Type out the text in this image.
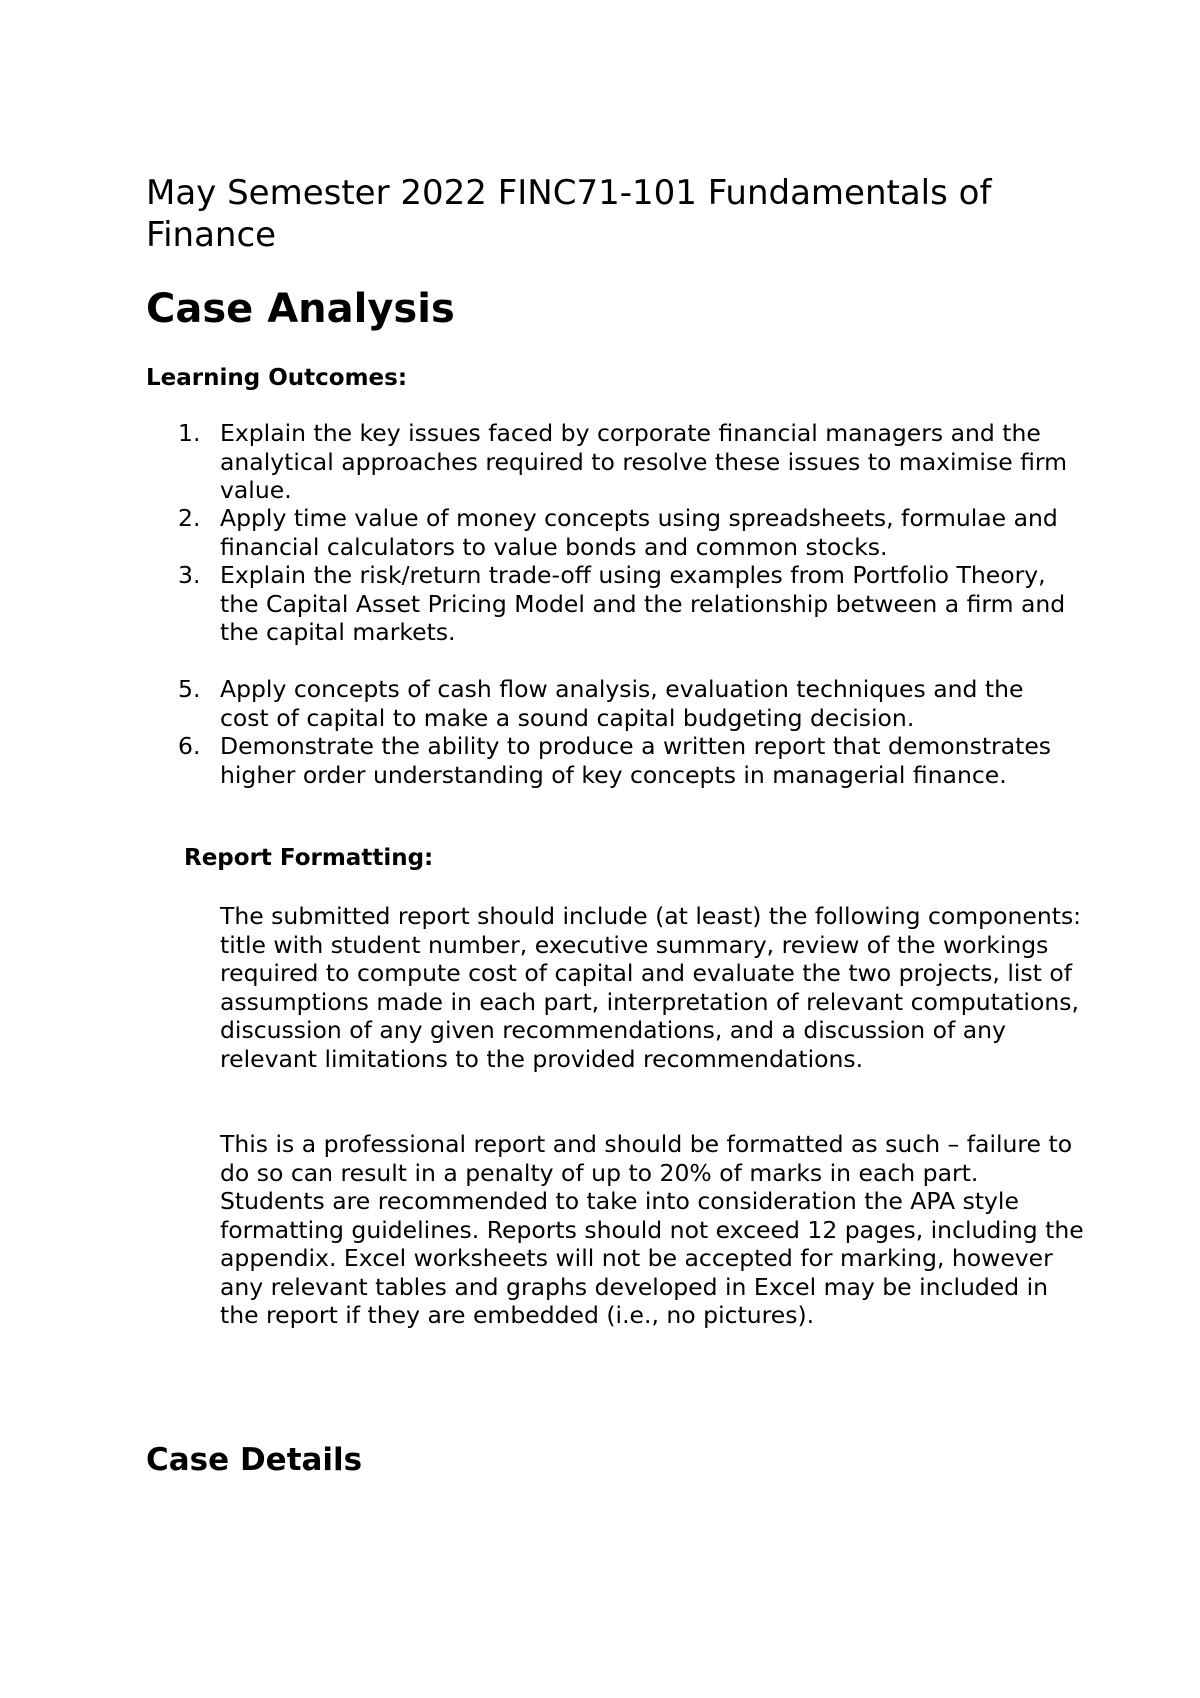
May Semester 2022 FINC71-101 Fundamentals of Finance
Case Analysis
Learning Outcomes:
1. Explain the key issues faced by corporate financial managers and the analytical approaches required to resolve these issues to maximise firm value.
2. Apply time value of money concepts using spreadsheets, formulae and financial calculators to value bonds and common stocks.
3. Explain the risk/return trade-off using examples from Portfolio Theory, the Capital Asset Pricing Model and the relationship between a firm and the capital markets.
5. Apply concepts of cash flow analysis, evaluation techniques and the cost of capital to make a sound capital budgeting decision.
6. Demonstrate the ability to produce a written report that demonstrates higher order understanding of key concepts in managerial finance.
Report Formatting:

The submitted report should include (at least) the following components: title with student number, executive summary, review of the workings required to compute cost of capital and evaluate the two projects, list of assumptions made in each part, interpretation of relevant computations, discussion of any given recommendations, and a discussion of any relevant limitations to the provided recommendations.

This is a professional report and should be formatted as such – failure to do so can result in a penalty of up to 20% of marks in each part. Students are recommended to take into consideration the APA style formatting guidelines. Reports should not exceed 12 pages, including the appendix. Excel worksheets will not be accepted for marking, however any relevant tables and graphs developed in Excel may be included in the report if they are embedded (i.e., no pictures).

Case Details
